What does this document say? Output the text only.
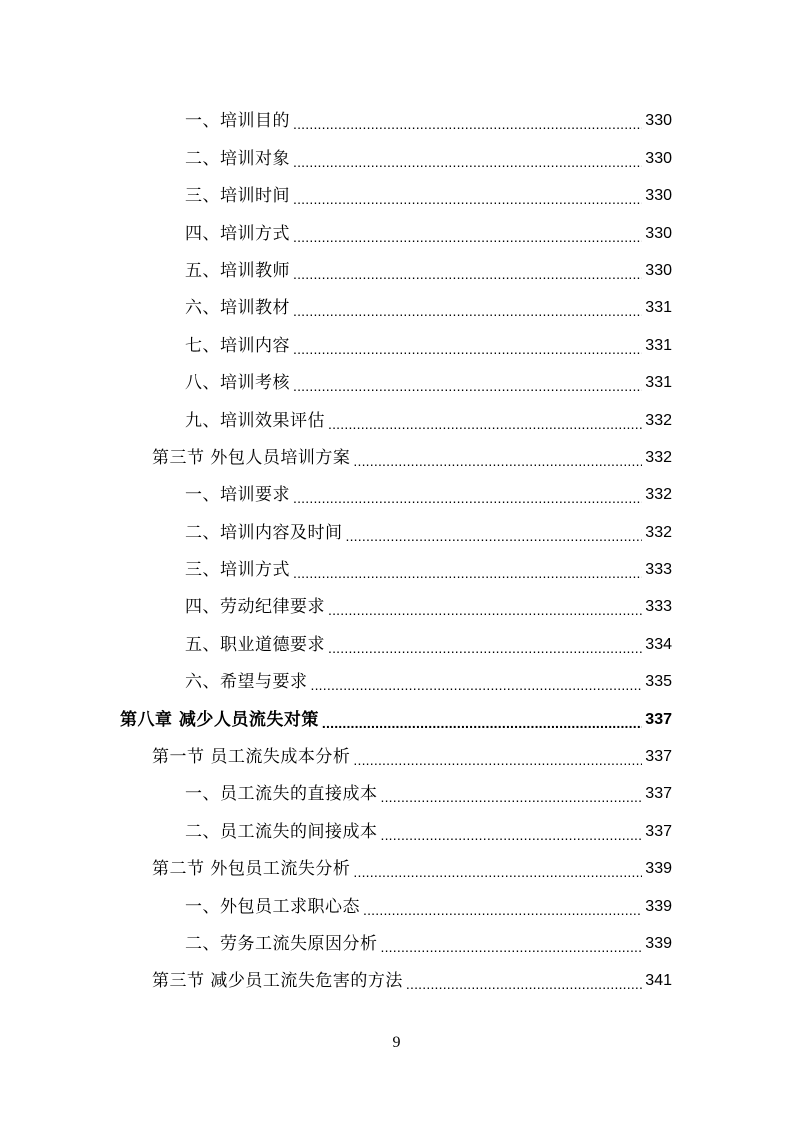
一、培训目的 .....	330
二、培训对象 .....	330
三、培训时间 .....	330
四、培训方式 .....	330
五、培训教师 .....	330
六、培训教材 .....	331
七、培训内容 .....	331
八、培训考核 .....	331
九、培训效果评估 .....	332
第三节 外包人员培训方案 .....	332
一、培训要求 .....	332
二、培训内容及时间 .....	332
三、培训方式 .....	333
四、劳动纪律要求 .....	333
五、职业道德要求 .....	334
六、希望与要求 .....	335
第八章 减少人员流失对策 .....	337
第一节 员工流失成本分析 .....	337
一、员工流失的直接成本 .....	337
二、员工流失的间接成本 .....	337
第二节 外包员工流失分析 .....	339
一、外包员工求职心态 .....	339
二、劳务工流失原因分析 .....	339
第三节 减少员工流失危害的方法 .....	341
9
